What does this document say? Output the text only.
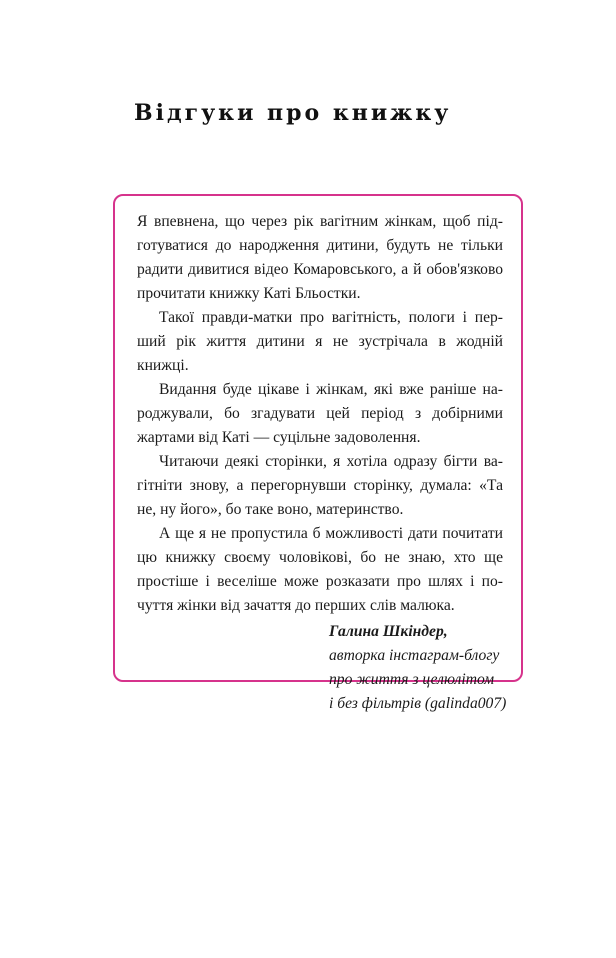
Відгуки про книжку

Я впевнена, що через рік вагітним жінкам, щоб підготуватися до народження дитини, будуть не тільки радити дивитися відео Комаровського, а й обов'язково прочитати книжку Каті Бльостки.

Такої правди-матки про вагітність, пологи і перший рік життя дитини я не зустрічала в жодній книжці.

Видання буде цікаве і жінкам, які вже раніше народжували, бо згадувати цей період з добірними жартами від Каті — суцільне задоволення.

Читаючи деякі сторінки, я хотіла одразу бігти вагітніти знову, а перегорнувши сторінку, думала: «Та не, ну його», бо таке воно, материнство.

А ще я не пропустила б можливості дати почитати цю книжку своєму чоловікові, бо не знаю, хто ще простіше і веселіше може розказати про шлях і почуття жінки від зачаття до перших слів малюка.

Галина Шкіндер,
авторка інстаграм-блогу
про життя з целюлітом
і без фільтрів (galinda007)
